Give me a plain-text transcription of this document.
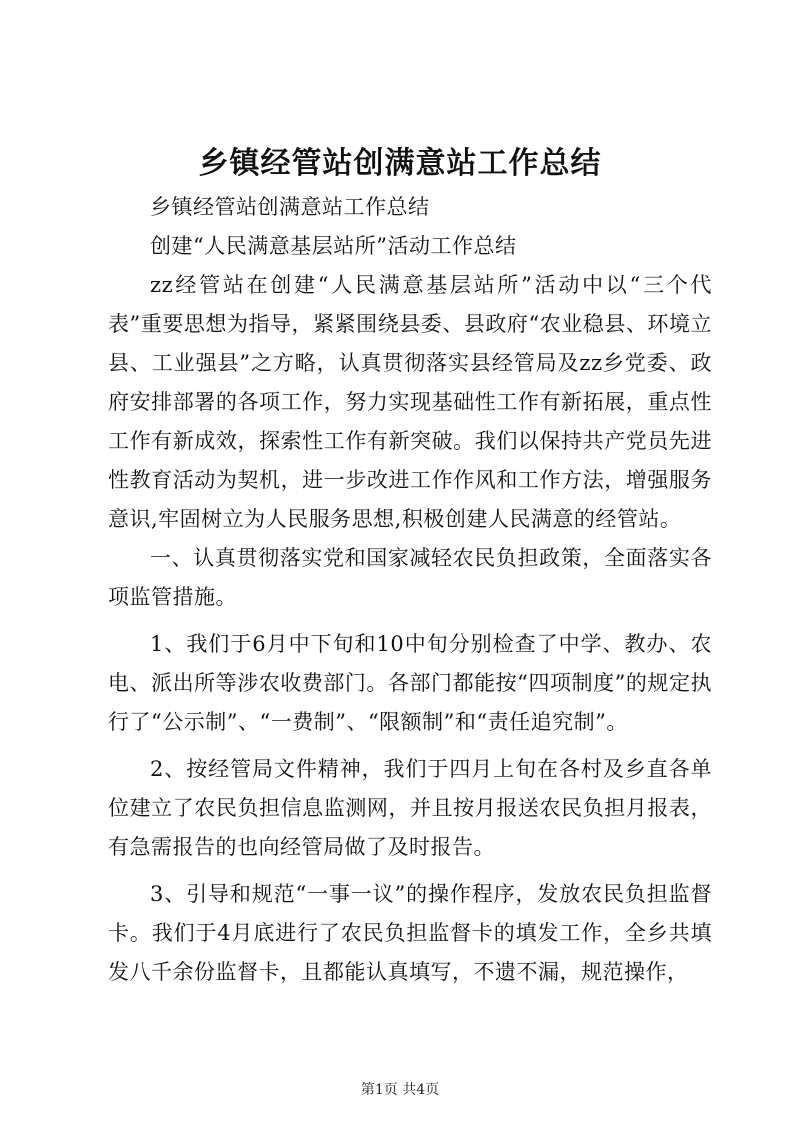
乡镇经管站创满意站工作总结

乡镇经管站创满意站工作总结

创建“人民满意基层站所”活动工作总结

zz经管站在创建“人民满意基层站所”活动中以“三个代表”重要思想为指导，紧紧围绕县委、县政府“农业稳县、环境立县、工业强县”之方略，认真贯彻落实县经管局及zz乡党委、政府安排部署的各项工作，努力实现基础性工作有新拓展，重点性工作有新成效，探索性工作有新突破。我们以保持共产党员先进性教育活动为契机，进一步改进工作作风和工作方法，增强服务意识,牢固树立为人民服务思想,积极创建人民满意的经管站。

一、认真贯彻落实党和国家减轻农民负担政策，全面落实各项监管措施。

1、我们于6月中下旬和10中旬分别检查了中学、教办、农电、派出所等涉农收费部门。各部门都能按“四项制度”的规定执行了“公示制”、“一费制”、“限额制”和“责任追究制”。

2、按经管局文件精神，我们于四月上旬在各村及乡直各单位建立了农民负担信息监测网，并且按月报送农民负担月报表，有急需报告的也向经管局做了及时报告。

3、引导和规范“一事一议”的操作程序，发放农民负担监督卡。我们于4月底进行了农民负担监督卡的填发工作，全乡共填发八千余份监督卡，且都能认真填写，不遗不漏，规范操作，

第1页 共4页
